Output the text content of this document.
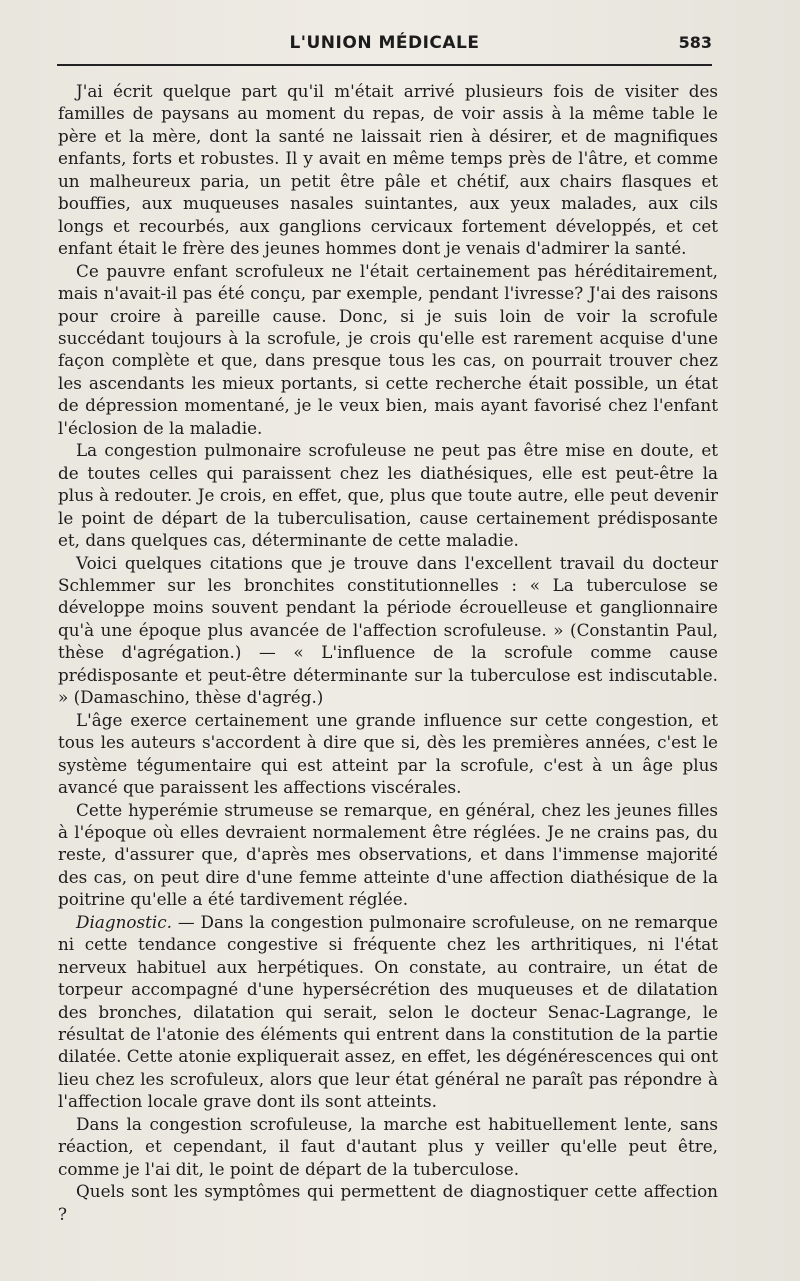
L'UNION MÉDICALE	583

J'ai écrit quelque part qu'il m'était arrivé plusieurs fois de visiter des familles de paysans au moment du repas, de voir assis à la même table le père et la mère, dont la santé ne laissait rien à désirer, et de magnifiques enfants, forts et robustes. Il y avait en même temps près de l'âtre, et comme un malheureux paria, un petit être pâle et chétif, aux chairs flasques et bouffies, aux muqueuses nasales suintantes, aux yeux malades, aux cils longs et recourbés, aux ganglions cervicaux fortement développés, et cet enfant était le frère des jeunes hommes dont je venais d'admirer la santé.

Ce pauvre enfant scrofuleux ne l'était certainement pas héréditairement, mais n'avait-il pas été conçu, par exemple, pendant l'ivresse? J'ai des raisons pour croire à pareille cause. Donc, si je suis loin de voir la scrofule succédant toujours à la scrofule, je crois qu'elle est rarement acquise d'une façon complète et que, dans presque tous les cas, on pourrait trouver chez les ascendants les mieux portants, si cette recherche était possible, un état de dépression momentané, je le veux bien, mais ayant favorisé chez l'enfant l'éclosion de la maladie.

La congestion pulmonaire scrofuleuse ne peut pas être mise en doute, et de toutes celles qui paraissent chez les diathésiques, elle est peut-être la plus à redouter. Je crois, en effet, que, plus que toute autre, elle peut devenir le point de départ de la tuberculisation, cause certainement prédisposante et, dans quelques cas, déterminante de cette maladie.

Voici quelques citations que je trouve dans l'excellent travail du docteur Schlemmer sur les bronchites constitutionnelles : « La tuberculose se développe moins souvent pendant la période écrouelleuse et ganglionnaire qu'à une époque plus avancée de l'affection scrofuleuse. » (Constantin Paul, thèse d'agrégation.) — « L'influence de la scrofule comme cause prédisposante et peut-être déterminante sur la tuberculose est indiscutable. » (Damaschino, thèse d'agrég.)

L'âge exerce certainement une grande influence sur cette congestion, et tous les auteurs s'accordent à dire que si, dès les premières années, c'est le système tégumentaire qui est atteint par la scrofule, c'est à un âge plus avancé que paraissent les affections viscérales.

Cette hyperémie strumeuse se remarque, en général, chez les jeunes filles à l'époque où elles devraient normalement être réglées. Je ne crains pas, du reste, d'assurer que, d'après mes observations, et dans l'immense majorité des cas, on peut dire d'une femme atteinte d'une affection diathésique de la poitrine qu'elle a été tardivement réglée.

Diagnostic. — Dans la congestion pulmonaire scrofuleuse, on ne remarque ni cette tendance congestive si fréquente chez les arthritiques, ni l'état nerveux habituel aux herpétiques. On constate, au contraire, un état de torpeur accompagné d'une hypersécrétion des muqueuses et de dilatation des bronches, dilatation qui serait, selon le docteur Senac-Lagrange, le résultat de l'atonie des éléments qui entrent dans la constitution de la partie dilatée. Cette atonie expliquerait assez, en effet, les dégénérescences qui ont lieu chez les scrofuleux, alors que leur état général ne paraît pas répondre à l'affection locale grave dont ils sont atteints.

Dans la congestion scrofuleuse, la marche est habituellement lente, sans réaction, et cependant, il faut d'autant plus y veiller qu'elle peut être, comme je l'ai dit, le point de départ de la tuberculose.

Quels sont les symptômes qui permettent de diagnostiquer cette affection ?
